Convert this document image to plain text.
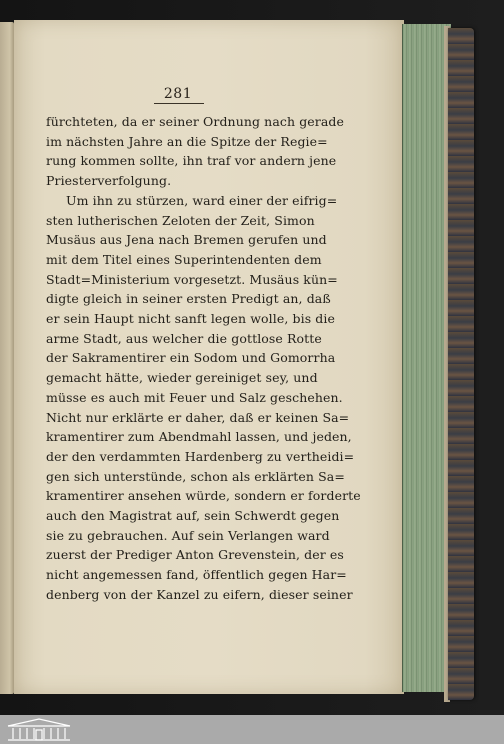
281
fürchteten, da er seiner Ordnung nach gerade
im nächsten Jahre an die Spitze der Regie=
rung kommen sollte, ihn traf vor andern jene
Priesterverfolgung.
Um ihn zu stürzen, ward einer der eifrig=
sten lutherischen Zeloten der Zeit, Simon
Musäus aus Jena nach Bremen gerufen und
mit dem Titel eines Superintendenten dem
Stadt=Ministerium vorgesetzt. Musäus kün=
digte gleich in seiner ersten Predigt an, daß
er sein Haupt nicht sanft legen wolle, bis die
arme Stadt, aus welcher die gottlose Rotte
der Sakramentirer ein Sodom und Gomorrha
gemacht hätte, wieder gereiniget sey, und
müsse es auch mit Feuer und Salz geschehen.
Nicht nur erklärte er daher, daß er keinen Sa=
kramentirer zum Abendmahl lassen, und jeden,
der den verdammten Hardenberg zu vertheidi=
gen sich unterstünde, schon als erklärten Sa=
kramentirer ansehen würde, sondern er forderte
auch den Magistrat auf, sein Schwerdt gegen
sie zu gebrauchen. Auf sein Verlangen ward
zuerst der Prediger Anton Grevenstein, der es
nicht angemessen fand, öffentlich gegen Har=
denberg von der Kanzel zu eifern, dieser seiner
